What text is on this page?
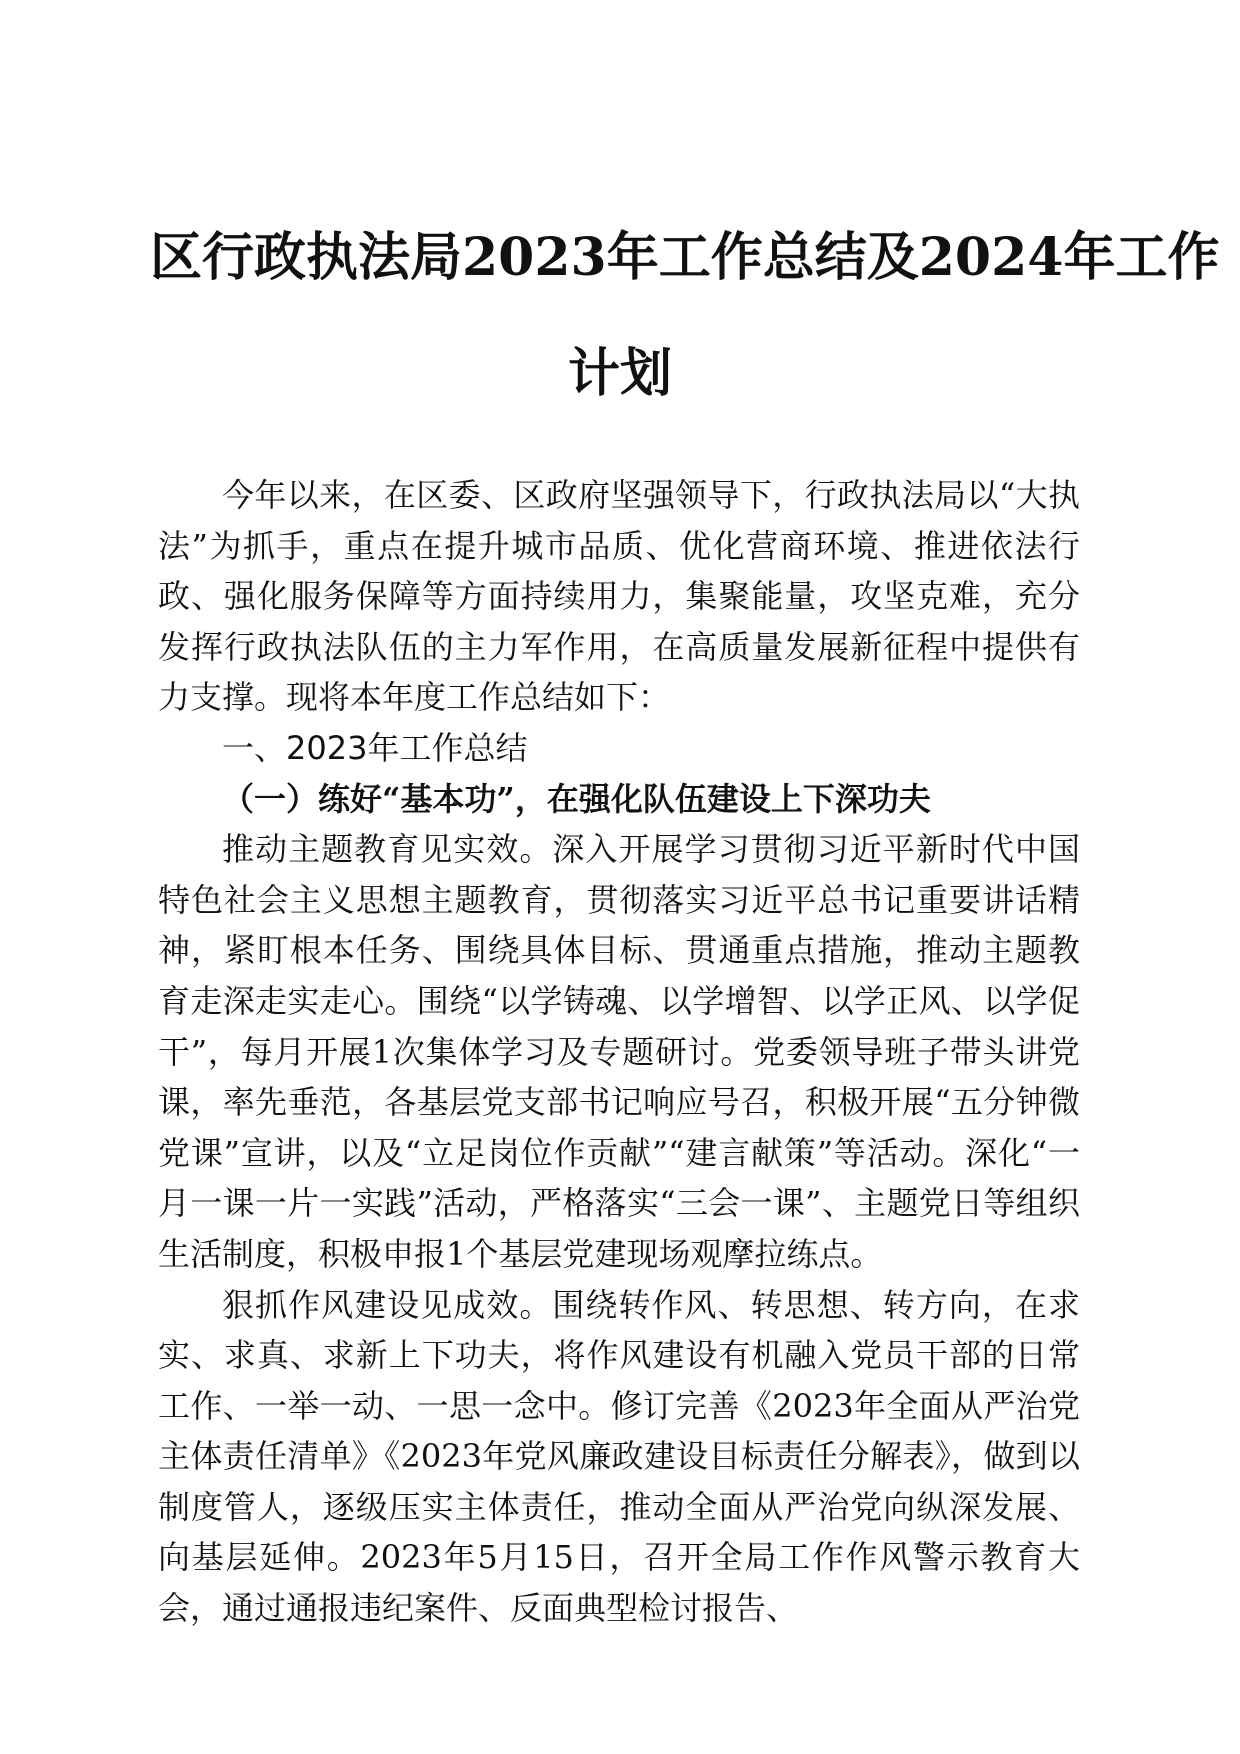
区行政执法局2023年工作总结及2024年工作
计划

今年以来，在区委、区政府坚强领导下，行政执法局以“大执法”为抓手，重点在提升城市品质、优化营商环境、推进依法行政、强化服务保障等方面持续用力，集聚能量，攻坚克难，充分发挥行政执法队伍的主力军作用，在高质量发展新征程中提供有力支撑。现将本年度工作总结如下：

一、2023年工作总结

（一）练好“基本功”，在强化队伍建设上下深功夫

推动主题教育见实效。深入开展学习贯彻习近平新时代中国特色社会主义思想主题教育，贯彻落实习近平总书记重要讲话精神，紧盯根本任务、围绕具体目标、贯通重点措施，推动主题教育走深走实走心。围绕“以学铸魂、以学增智、以学正风、以学促干”，每月开展1次集体学习及专题研讨。党委领导班子带头讲党课，率先垂范，各基层党支部书记响应号召，积极开展“五分钟微党课”宣讲，以及“立足岗位作贡献”“建言献策”等活动。深化“一月一课一片一实践”活动，严格落实“三会一课”、主题党日等组织生活制度，积极申报1个基层党建现场观摩拉练点。

狠抓作风建设见成效。围绕转作风、转思想、转方向，在求实、求真、求新上下功夫，将作风建设有机融入党员干部的日常工作、一举一动、一思一念中。修订完善《2023年全面从严治党主体责任清单》《2023年党风廉政建设目标责任分解表》，做到以制度管人，逐级压实主体责任，推动全面从严治党向纵深发展、向基层延伸。2023年5月15日，召开全局工作作风警示教育大会，通过通报违纪案件、反面典型检讨报告、
